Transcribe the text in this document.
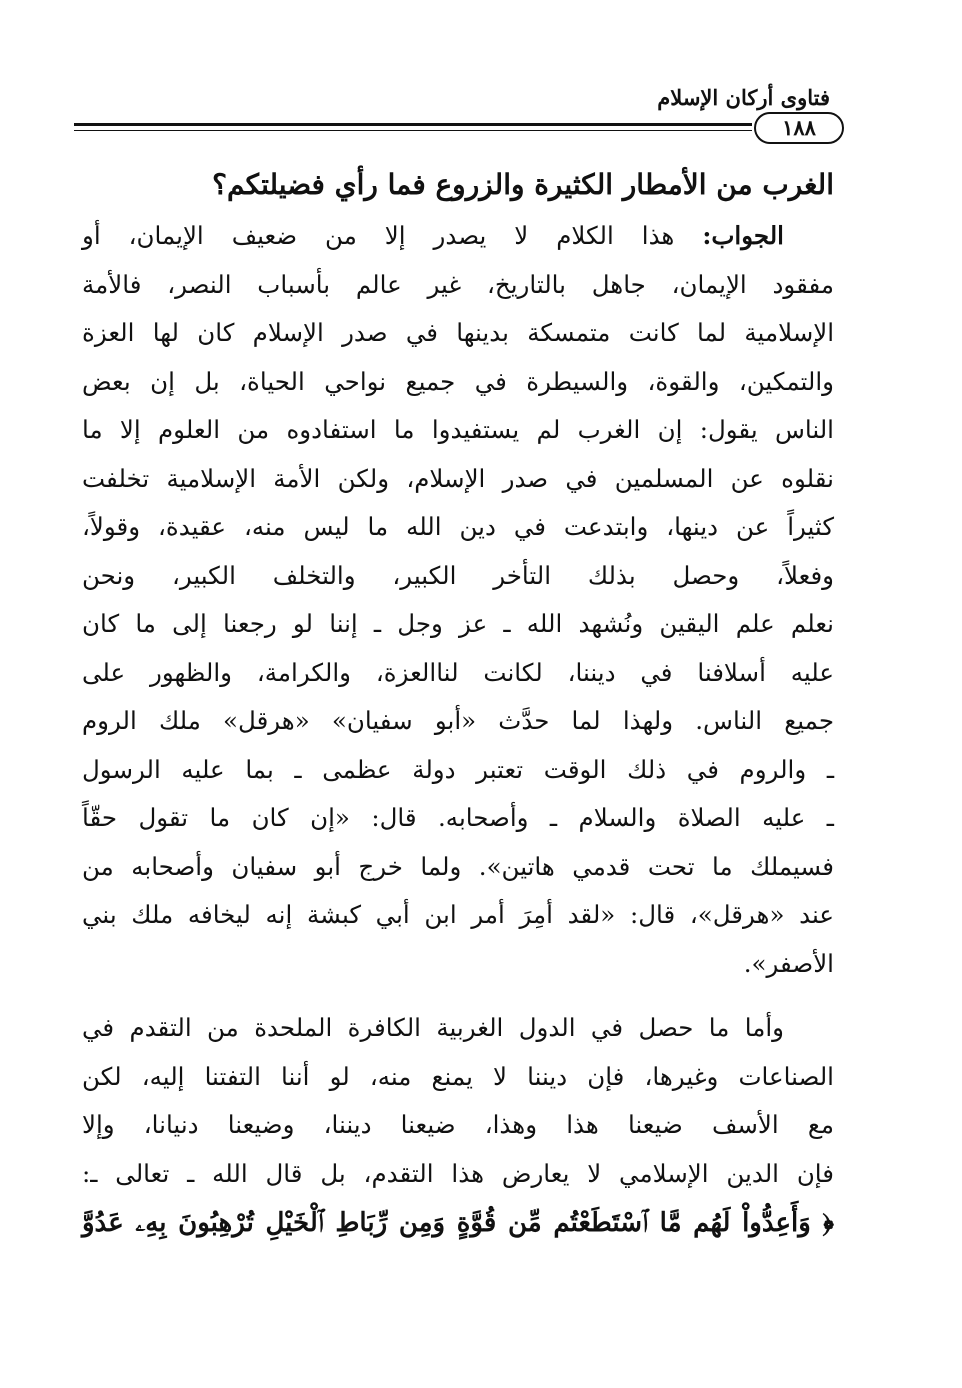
فتاوى أركان الإسلام
١٨٨
الغرب من الأمطار الكثيرة والزروع فما رأي فضيلتكم؟
الجواب: هذا الكلام لا يصدر إلا من ضعيف الإيمان، أو
مفقود الإيمان، جاهل بالتاريخ، غير عالم بأسباب النصر، فالأمة
الإسلامية لما كانت متمسكة بدينها في صدر الإسلام كان لها العزة
والتمكين، والقوة، والسيطرة في جميع نواحي الحياة، بل إن بعض
الناس يقول: إن الغرب لم يستفيدوا ما استفادوه من العلوم إلا ما
نقلوه عن المسلمين في صدر الإسلام، ولكن الأمة الإسلامية تخلفت
كثيراً عن دينها، وابتدعت في دين الله ما ليس منه، عقيدة، وقولاً،
وفعلاً، وحصل بذلك التأخر الكبير، والتخلف الكبير، ونحن
نعلم علم اليقين ونُشهد الله ـ عز وجل ـ إننا لو رجعنا إلى ما كان
عليه أسلافنا في ديننا، لكانت لناالعزة، والكرامة، والظهور على
جميع الناس. ولهذا لما حدَّث «أبو سفيان» «هرقل» ملك الروم
ـ والروم في ذلك الوقت تعتبر دولة عظمى ـ بما عليه الرسول
ـ عليه الصلاة والسلام ـ وأصحابه. قال: «إن كان ما تقول حقّاً
فسيملك ما تحت قدمي هاتين». ولما خرج أبو سفيان وأصحابه من
عند «هرقل»، قال: «لقد أمِرَ أمر ابن أبي كبشة إنه ليخافه ملك بني
الأصفر».
وأما ما حصل في الدول الغربية الكافرة الملحدة من التقدم في
الصناعات وغيرها، فإن ديننا لا يمنع منه، لو أننا التفتنا إليه، لكن
مع الأسف ضيعنا هذا وهذا، ضيعنا ديننا، وضيعنا دنيانا، وإلا
فإن الدين الإسلامي لا يعارض هذا التقدم، بل قال الله ـ تعالى ـ:
﴿ وَأَعِدُّواْ لَهُم مَّا ٱسْتَطَعْتُم مِّن قُوَّةٍ وَمِن رِّبَاطِ ٱلْخَيْلِ تُرْهِبُونَ بِهِۦ عَدُوَّ
